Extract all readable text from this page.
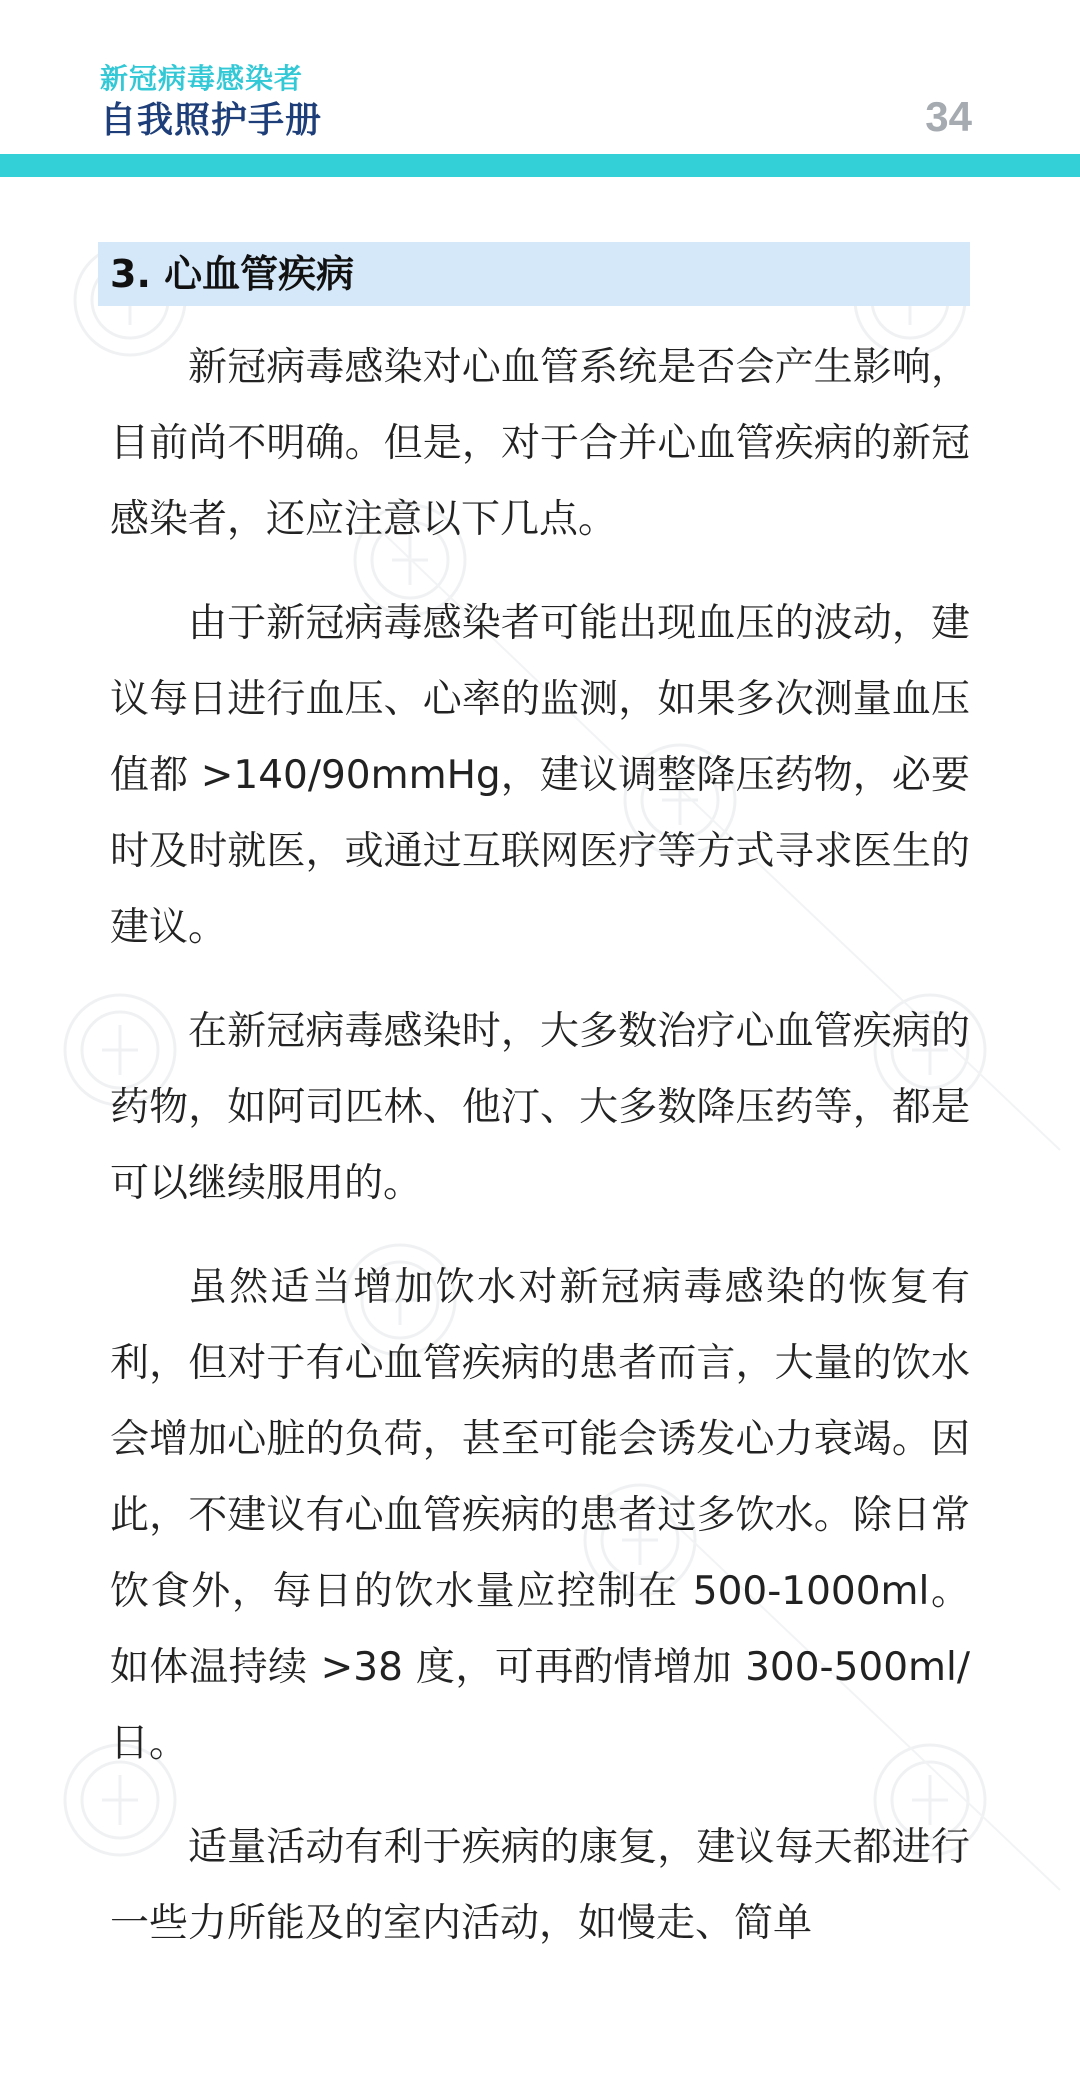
新冠病毒感染者
自我照护手册	34
3. 心血管疾病

新冠病毒感染对心血管系统是否会产生影响，目前尚不明确。但是，对于合并心血管疾病的新冠感染者，还应注意以下几点。

由于新冠病毒感染者可能出现血压的波动，建议每日进行血压、心率的监测，如果多次测量血压值都 >140/90mmHg，建议调整降压药物，必要时及时就医，或通过互联网医疗等方式寻求医生的建议。

在新冠病毒感染时，大多数治疗心血管疾病的药物，如阿司匹林、他汀、大多数降压药等，都是可以继续服用的。

虽然适当增加饮水对新冠病毒感染的恢复有利，但对于有心血管疾病的患者而言，大量的饮水会增加心脏的负荷，甚至可能会诱发心力衰竭。因此，不建议有心血管疾病的患者过多饮水。除日常饮食外，每日的饮水量应控制在 500-1000ml。如体温持续 >38 度，可再酌情增加 300-500ml/ 日。

适量活动有利于疾病的康复，建议每天都进行一些力所能及的室内活动，如慢走、简单
